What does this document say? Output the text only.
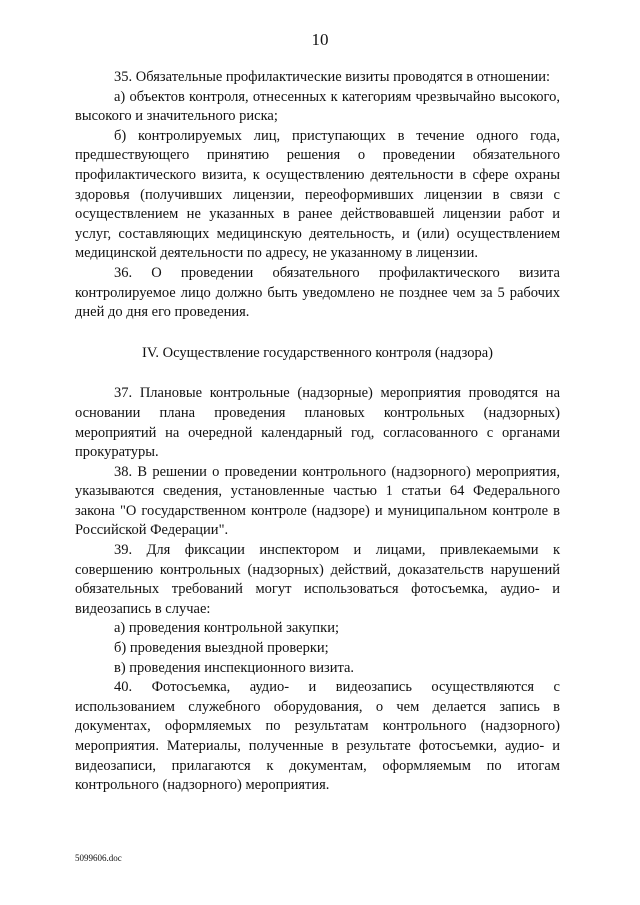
10

35. Обязательные профилактические визиты проводятся в отношении:

а) объектов контроля, отнесенных к категориям чрезвычайно высокого, высокого и значительного риска;

б) контролируемых лиц, приступающих в течение одного года, предшествующего принятию решения о проведении обязательного профилактического визита, к осуществлению деятельности в сфере охраны здоровья (получивших лицензии, переоформивших лицензии в связи с осуществлением не указанных в ранее действовавшей лицензии работ и услуг, составляющих медицинскую деятельность, и (или) осуществлением медицинской деятельности по адресу, не указанному в лицензии.

36. О проведении обязательного профилактического визита контролируемое лицо должно быть уведомлено не позднее чем за 5 рабочих дней до дня его проведения.

IV. Осуществление государственного контроля (надзора)

37. Плановые контрольные (надзорные) мероприятия проводятся на основании плана проведения плановых контрольных (надзорных) мероприятий на очередной календарный год, согласованного с органами прокуратуры.

38. В решении о проведении контрольного (надзорного) мероприятия, указываются сведения, установленные частью 1 статьи 64 Федерального закона "О государственном контроле (надзоре) и муниципальном контроле в Российской Федерации".

39. Для фиксации инспектором и лицами, привлекаемыми к совершению контрольных (надзорных) действий, доказательств нарушений обязательных требований могут использоваться фотосъемка, аудио- и видеозапись в случае:

а) проведения контрольной закупки;

б) проведения выездной проверки;

в) проведения инспекционного визита.

40. Фотосъемка, аудио- и видеозапись осуществляются с использованием служебного оборудования, о чем делается запись в документах, оформляемых по результатам контрольного (надзорного) мероприятия. Материалы, полученные в результате фотосъемки, аудио- и видеозаписи, прилагаются к документам, оформляемым по итогам контрольного (надзорного) мероприятия.

5099606.doc
